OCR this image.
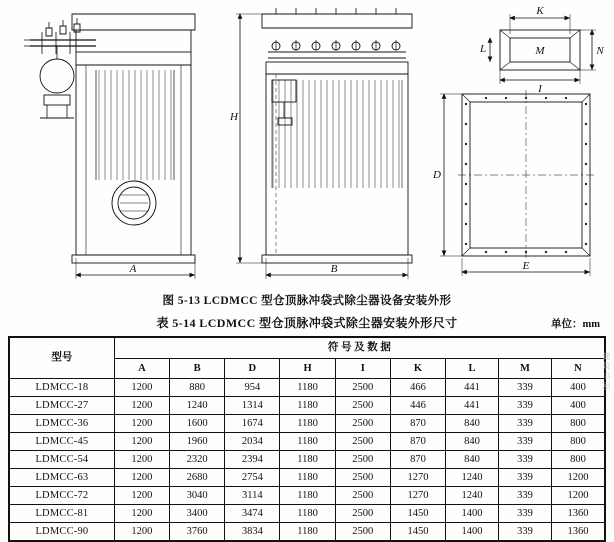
A	B
H
K
L	M	N
I
D
E
图 5-13 LCDMCC 型仓顶脉冲袋式除尘器设备安装外形
表 5-14 LCDMCC 型仓顶脉冲袋式除尘器安装外形尺寸	单位：mm
型号	符 号 及 数 据								
	A	B	D	H	I	K	L	M	N
LDMCC-18	1200	880	954	1180	2500	466	441	339	400
LDMCC-27	1200	1240	1314	1180	2500	446	441	339	400
LDMCC-36	1200	1600	1674	1180	2500	870	840	339	800
LDMCC-45	1200	1960	2034	1180	2500	870	840	339	800
LDMCC-54	1200	2320	2394	1180	2500	870	840	339	800
LDMCC-63	1200	2680	2754	1180	2500	1270	1240	339	1200
LDMCC-72	1200	3040	3114	1180	2500	1270	1240	339	1200
LDMCC-81	1200	3400	3474	1180	2500	1450	1400	339	1360
LDMCC-90	1200	3760	3834	1180	2500	1450	1400	339	1360
建筑书屋
